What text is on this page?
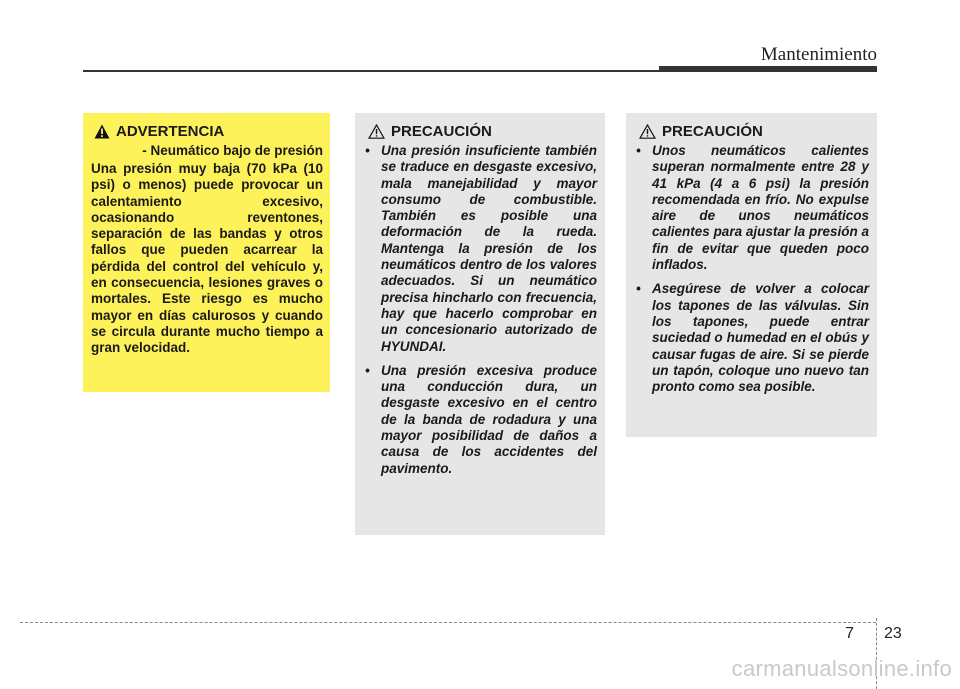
Mantenimiento
ADVERTENCIA
- Neumático bajo de presión
Una presión muy baja (70 kPa (10 psi) o menos) puede provocar un calentamiento excesivo, ocasionando reventones, separación de las bandas y otros fallos que pueden acarrear la pérdida del control del vehículo y, en consecuencia, lesiones graves o mortales. Este riesgo es mucho mayor en días calurosos y cuando se circula durante mucho tiempo a gran velocidad.
PRECAUCIÓN
• Una presión insuficiente también se traduce en desgaste excesivo, mala manejabilidad y mayor consumo de combustible. También es posible una deformación de la rueda. Mantenga la presión de los neumáticos dentro de los valores adecuados. Si un neumático precisa hincharlo con frecuencia, hay que hacerlo comprobar en un concesionario autorizado de HYUNDAI.
• Una presión excesiva produce una conducción dura, un desgaste excesivo en el centro de la banda de rodadura y una mayor posibilidad de daños a causa de los accidentes del pavimento.
PRECAUCIÓN
• Unos neumáticos calientes superan normalmente entre 28 y 41 kPa (4 a 6 psi) la presión recomendada en frío. No expulse aire de unos neumáticos calientes para ajustar la presión a fin de evitar que queden poco inflados.
• Asegúrese de volver a colocar los tapones de las válvulas. Sin los tapones, puede entrar suciedad o humedad en el obús y causar fugas de aire. Si se pierde un tapón, coloque uno nuevo tan pronto como sea posible.
7	23
carmanualsonline.info
